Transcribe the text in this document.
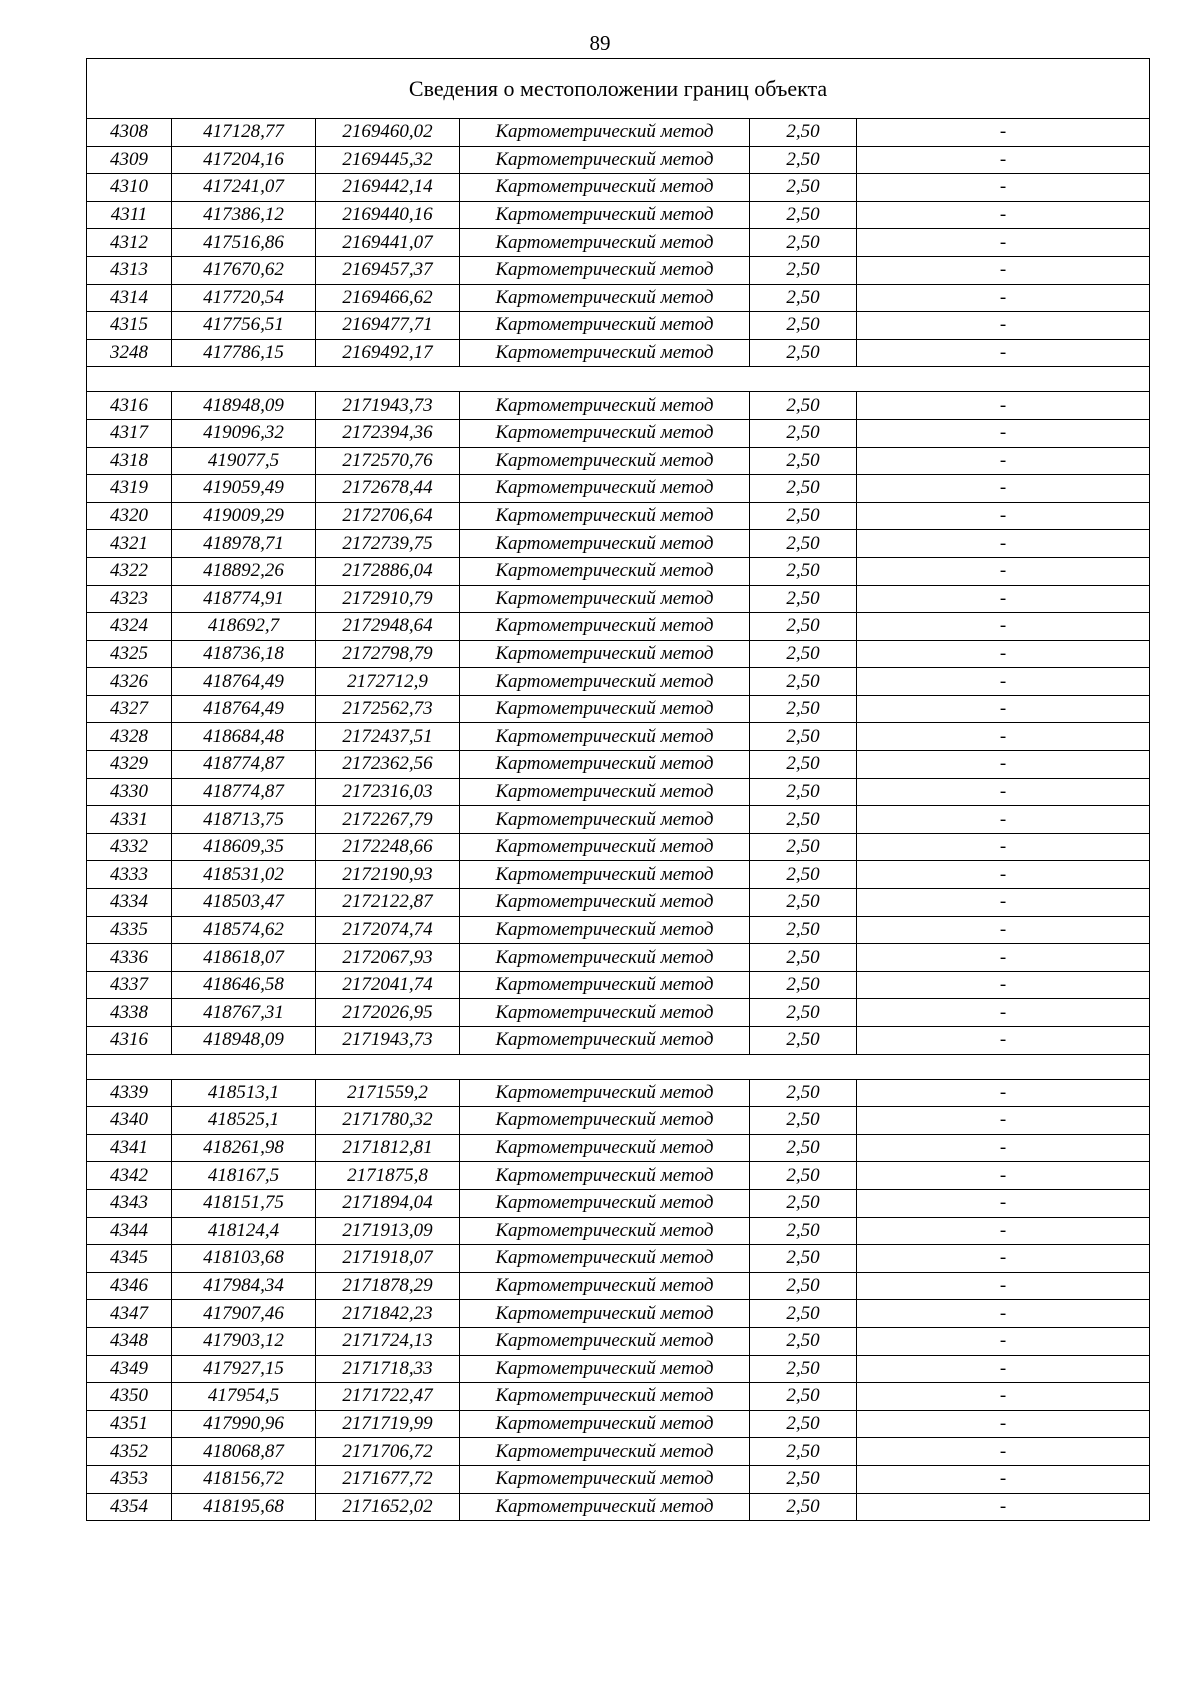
89
Сведения о местоположении границ объекта					
4308	417128,77	2169460,02	Картометрический метод	2,50	-
4309	417204,16	2169445,32	Картометрический метод	2,50	-
4310	417241,07	2169442,14	Картометрический метод	2,50	-
4311	417386,12	2169440,16	Картометрический метод	2,50	-
4312	417516,86	2169441,07	Картометрический метод	2,50	-
4313	417670,62	2169457,37	Картометрический метод	2,50	-
4314	417720,54	2169466,62	Картометрический метод	2,50	-
4315	417756,51	2169477,71	Картометрический метод	2,50	-
3248	417786,15	2169492,17	Картометрический метод	2,50	-

4316	418948,09	2171943,73	Картометрический метод	2,50	-
4317	419096,32	2172394,36	Картометрический метод	2,50	-
4318	419077,5	2172570,76	Картометрический метод	2,50	-
4319	419059,49	2172678,44	Картометрический метод	2,50	-
4320	419009,29	2172706,64	Картометрический метод	2,50	-
4321	418978,71	2172739,75	Картометрический метод	2,50	-
4322	418892,26	2172886,04	Картометрический метод	2,50	-
4323	418774,91	2172910,79	Картометрический метод	2,50	-
4324	418692,7	2172948,64	Картометрический метод	2,50	-
4325	418736,18	2172798,79	Картометрический метод	2,50	-
4326	418764,49	2172712,9	Картометрический метод	2,50	-
4327	418764,49	2172562,73	Картометрический метод	2,50	-
4328	418684,48	2172437,51	Картометрический метод	2,50	-
4329	418774,87	2172362,56	Картометрический метод	2,50	-
4330	418774,87	2172316,03	Картометрический метод	2,50	-
4331	418713,75	2172267,79	Картометрический метод	2,50	-
4332	418609,35	2172248,66	Картометрический метод	2,50	-
4333	418531,02	2172190,93	Картометрический метод	2,50	-
4334	418503,47	2172122,87	Картометрический метод	2,50	-
4335	418574,62	2172074,74	Картометрический метод	2,50	-
4336	418618,07	2172067,93	Картометрический метод	2,50	-
4337	418646,58	2172041,74	Картометрический метод	2,50	-
4338	418767,31	2172026,95	Картометрический метод	2,50	-
4316	418948,09	2171943,73	Картометрический метод	2,50	-

4339	418513,1	2171559,2	Картометрический метод	2,50	-
4340	418525,1	2171780,32	Картометрический метод	2,50	-
4341	418261,98	2171812,81	Картометрический метод	2,50	-
4342	418167,5	2171875,8	Картометрический метод	2,50	-
4343	418151,75	2171894,04	Картометрический метод	2,50	-
4344	418124,4	2171913,09	Картометрический метод	2,50	-
4345	418103,68	2171918,07	Картометрический метод	2,50	-
4346	417984,34	2171878,29	Картометрический метод	2,50	-
4347	417907,46	2171842,23	Картометрический метод	2,50	-
4348	417903,12	2171724,13	Картометрический метод	2,50	-
4349	417927,15	2171718,33	Картометрический метод	2,50	-
4350	417954,5	2171722,47	Картометрический метод	2,50	-
4351	417990,96	2171719,99	Картометрический метод	2,50	-
4352	418068,87	2171706,72	Картометрический метод	2,50	-
4353	418156,72	2171677,72	Картометрический метод	2,50	-
4354	418195,68	2171652,02	Картометрический метод	2,50	-
